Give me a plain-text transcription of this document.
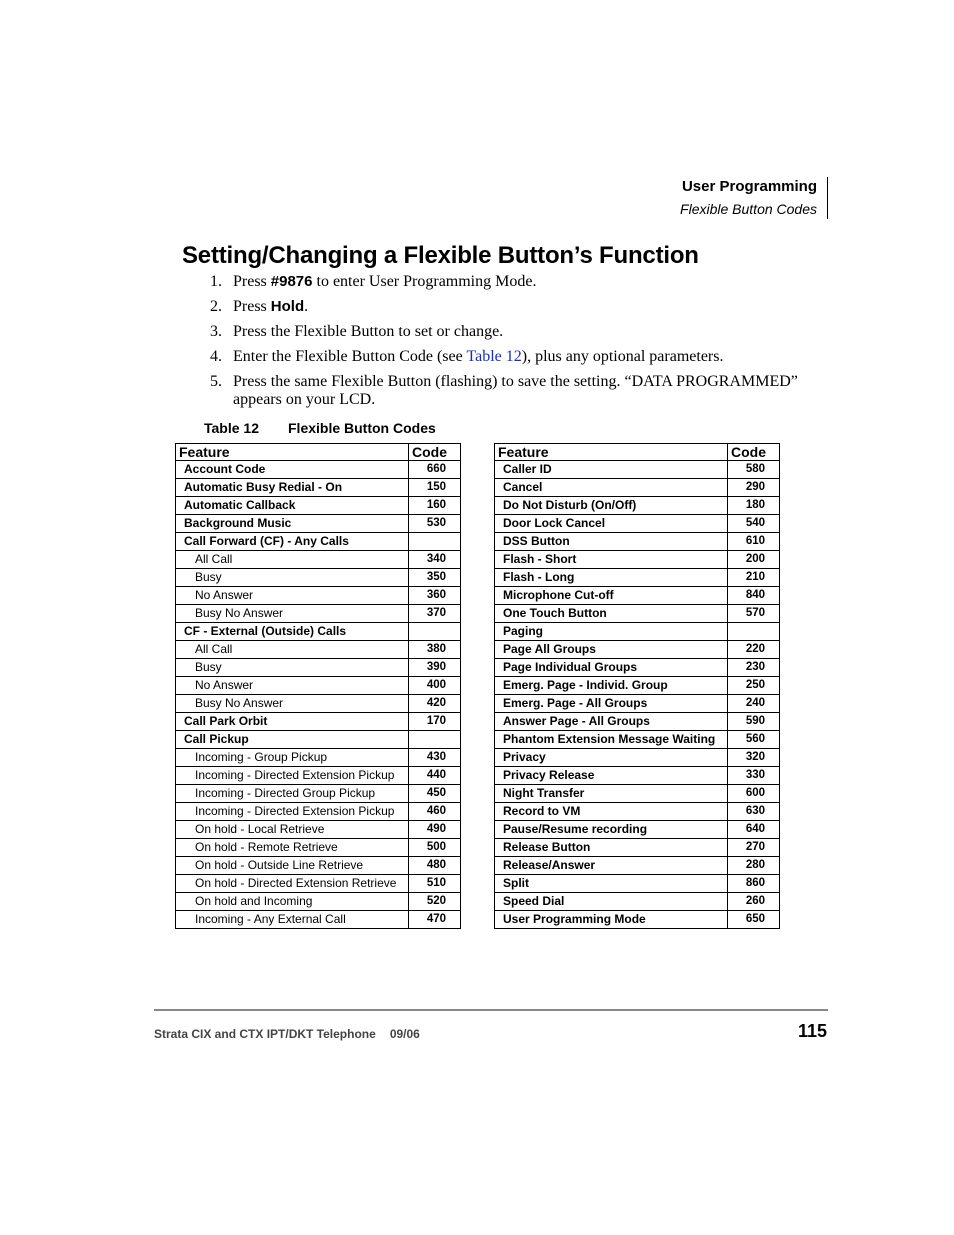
User Programming
Flexible Button Codes
Setting/Changing a Flexible Button’s Function
1. Press #9876 to enter User Programming Mode.
2. Press Hold.
3. Press the Flexible Button to set or change.
4. Enter the Flexible Button Code (see Table 12), plus any optional parameters.
5. Press the same Flexible Button (flashing) to save the setting. “DATA PROGRAMMED” appears on your LCD.
Table 12 Flexible Button Codes
Feature	Code
Account Code	660
Automatic Busy Redial - On	150
Automatic Callback	160
Background Music	530
Call Forward (CF) - Any Calls	
All Call	340
Busy	350
No Answer	360
Busy No Answer	370
CF - External (Outside) Calls	
All Call	380
Busy	390
No Answer	400
Busy No Answer	420
Call Park Orbit	170
Call Pickup	
Incoming - Group Pickup	430
Incoming - Directed Extension Pickup	440
Incoming - Directed Group Pickup	450
Incoming - Directed Extension Pickup	460
On hold - Local Retrieve	490
On hold - Remote Retrieve	500
On hold - Outside Line Retrieve	480
On hold - Directed Extension Retrieve	510
On hold and Incoming	520
Incoming - Any External Call	470
Feature	Code
Caller ID	580
Cancel	290
Do Not Disturb (On/Off)	180
Door Lock Cancel	540
DSS Button	610
Flash - Short	200
Flash - Long	210
Microphone Cut-off	840
One Touch Button	570
Paging	
Page All Groups	220
Page Individual Groups	230
Emerg. Page - Individ. Group	250
Emerg. Page - All Groups	240
Answer Page - All Groups	590
Phantom Extension Message Waiting	560
Privacy	320
Privacy Release	330
Night Transfer	600
Record to VM	630
Pause/Resume recording	640
Release Button	270
Release/Answer	280
Split	860
Speed Dial	260
User Programming Mode	650
Strata CIX and CTX IPT/DKT Telephone 09/06	115
